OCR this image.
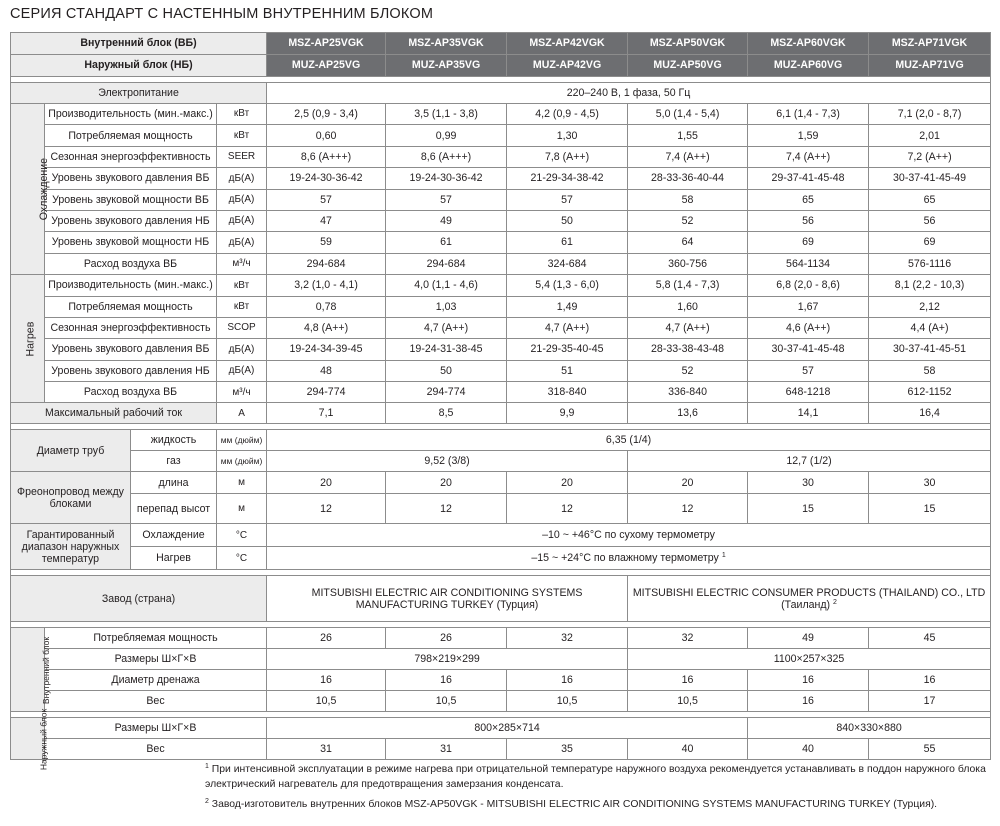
СЕРИЯ СТАНДАРТ С НАСТЕННЫМ ВНУТРЕННИМ БЛОКОМ
Внутренний блок (ВБ)				MSZ-AP25VGK	MSZ-AP35VGK	MSZ-AP42VGK	MSZ-AP50VGK	MSZ-AP60VGK	MSZ-AP71VGK
Наружный блок (НБ)				MUZ-AP25VG	MUZ-AP35VG	MUZ-AP42VG	MUZ-AP50VG	MUZ-AP60VG	MUZ-AP71VG

Электропитание				220–240 В, 1 фаза, 50 Гц					
Охлаждение	Производительность (мин.-макс.)		кВт	2,5 (0,9 - 3,4)	3,5 (1,1 - 3,8)	4,2 (0,9 - 4,5)	5,0 (1,4 - 5,4)	6,1 (1,4 - 7,3)	7,1 (2,0 - 8,7)
	Потребляемая мощность		кВт	0,60	0,99	1,30	1,55	1,59	2,01
	Сезонная энергоэффективность		SEER	8,6 (A+++)	8,6 (A+++)	7,8 (A++)	7,4 (A++)	7,4 (A++)	7,2 (A++)
	Уровень звукового давления ВБ		дБ(А)	19-24-30-36-42	19-24-30-36-42	21-29-34-38-42	28-33-36-40-44	29-37-41-45-48	30-37-41-45-49
	Уровень звуковой мощности ВБ		дБ(А)	57	57	57	58	65	65
	Уровень звукового давления НБ		дБ(А)	47	49	50	52	56	56
	Уровень звуковой мощности НБ		дБ(А)	59	61	61	64	69	69
	Расход воздуха ВБ		м³/ч	294-684	294-684	324-684	360-756	564-1134	576-1116
Нагрев	Производительность (мин.-макс.)		кВт	3,2 (1,0 - 4,1)	4,0 (1,1 - 4,6)	5,4 (1,3 - 6,0)	5,8 (1,4 - 7,3)	6,8 (2,0 - 8,6)	8,1 (2,2 - 10,3)
	Потребляемая мощность		кВт	0,78	1,03	1,49	1,60	1,67	2,12
	Сезонная энергоэффективность		SCOP	4,8 (A++)	4,7 (A++)	4,7 (A++)	4,7 (A++)	4,6 (A++)	4,4 (A+)
	Уровень звукового давления ВБ		дБ(А)	19-24-34-39-45	19-24-31-38-45	21-29-35-40-45	28-33-38-43-48	30-37-41-45-48	30-37-41-45-51
	Уровень звукового давления НБ		дБ(А)	48	50	51	52	57	58
	Расход воздуха ВБ		м³/ч	294-774	294-774	318-840	336-840	648-1218	612-1152
Максимальный рабочий ток			А	7,1	8,5	9,9	13,6	14,1	16,4

Диаметр труб		жидкость	мм (дюйм)	6,35 (1/4)					
		газ	мм (дюйм)	9,52 (3/8)			12,7 (1/2)		
Фреонопровод между блоками		длина	м	20	20	20	20	30	30
		перепад высот	м	12	12	12	12	15	15
Гарантированный диапазон наружных температур		Охлаждение	°С	–10 ~ +46°С по сухому термометру					
		Нагрев	°С	–15 ~ +24°С по влажному термометру $^1$

Завод (страна)				MITSUBISHI ELECTRIC AIR CONDITIONING SYSTEMS MANUFACTURING TURKEY (Турция)			MITSUBISHI ELECTRIC CONSUMER PRODUCTS (THAILAND) CO., LTD (Таиланд) $^2$

Внутренний блок	Потребляемая мощность			26	26	32	32	49	45
	Размеры Ш×Г×В			798×219×299			1100×257×325		
	Диаметр дренажа			16	16	16	16	16	16
	Вес			10,5	10,5	10,5	10,5	16	17

Наружный блок	Размеры Ш×Г×В			800×285×714				840×330×880	
	Вес			31	31	35	40	40	55

$^1$ При интенсивной эксплуатации в режиме нагрева при отрицательной температуре наружного воздуха рекомендуется устанавливать в поддон наружного блока электрический нагреватель для предотвращения замерзания конденсата.

$^2$ Завод-изготовитель внутренних блоков MSZ-AP50VGK - MITSUBISHI ELECTRIC AIR CONDITIONING SYSTEMS MANUFACTURING TURKEY (Турция).
